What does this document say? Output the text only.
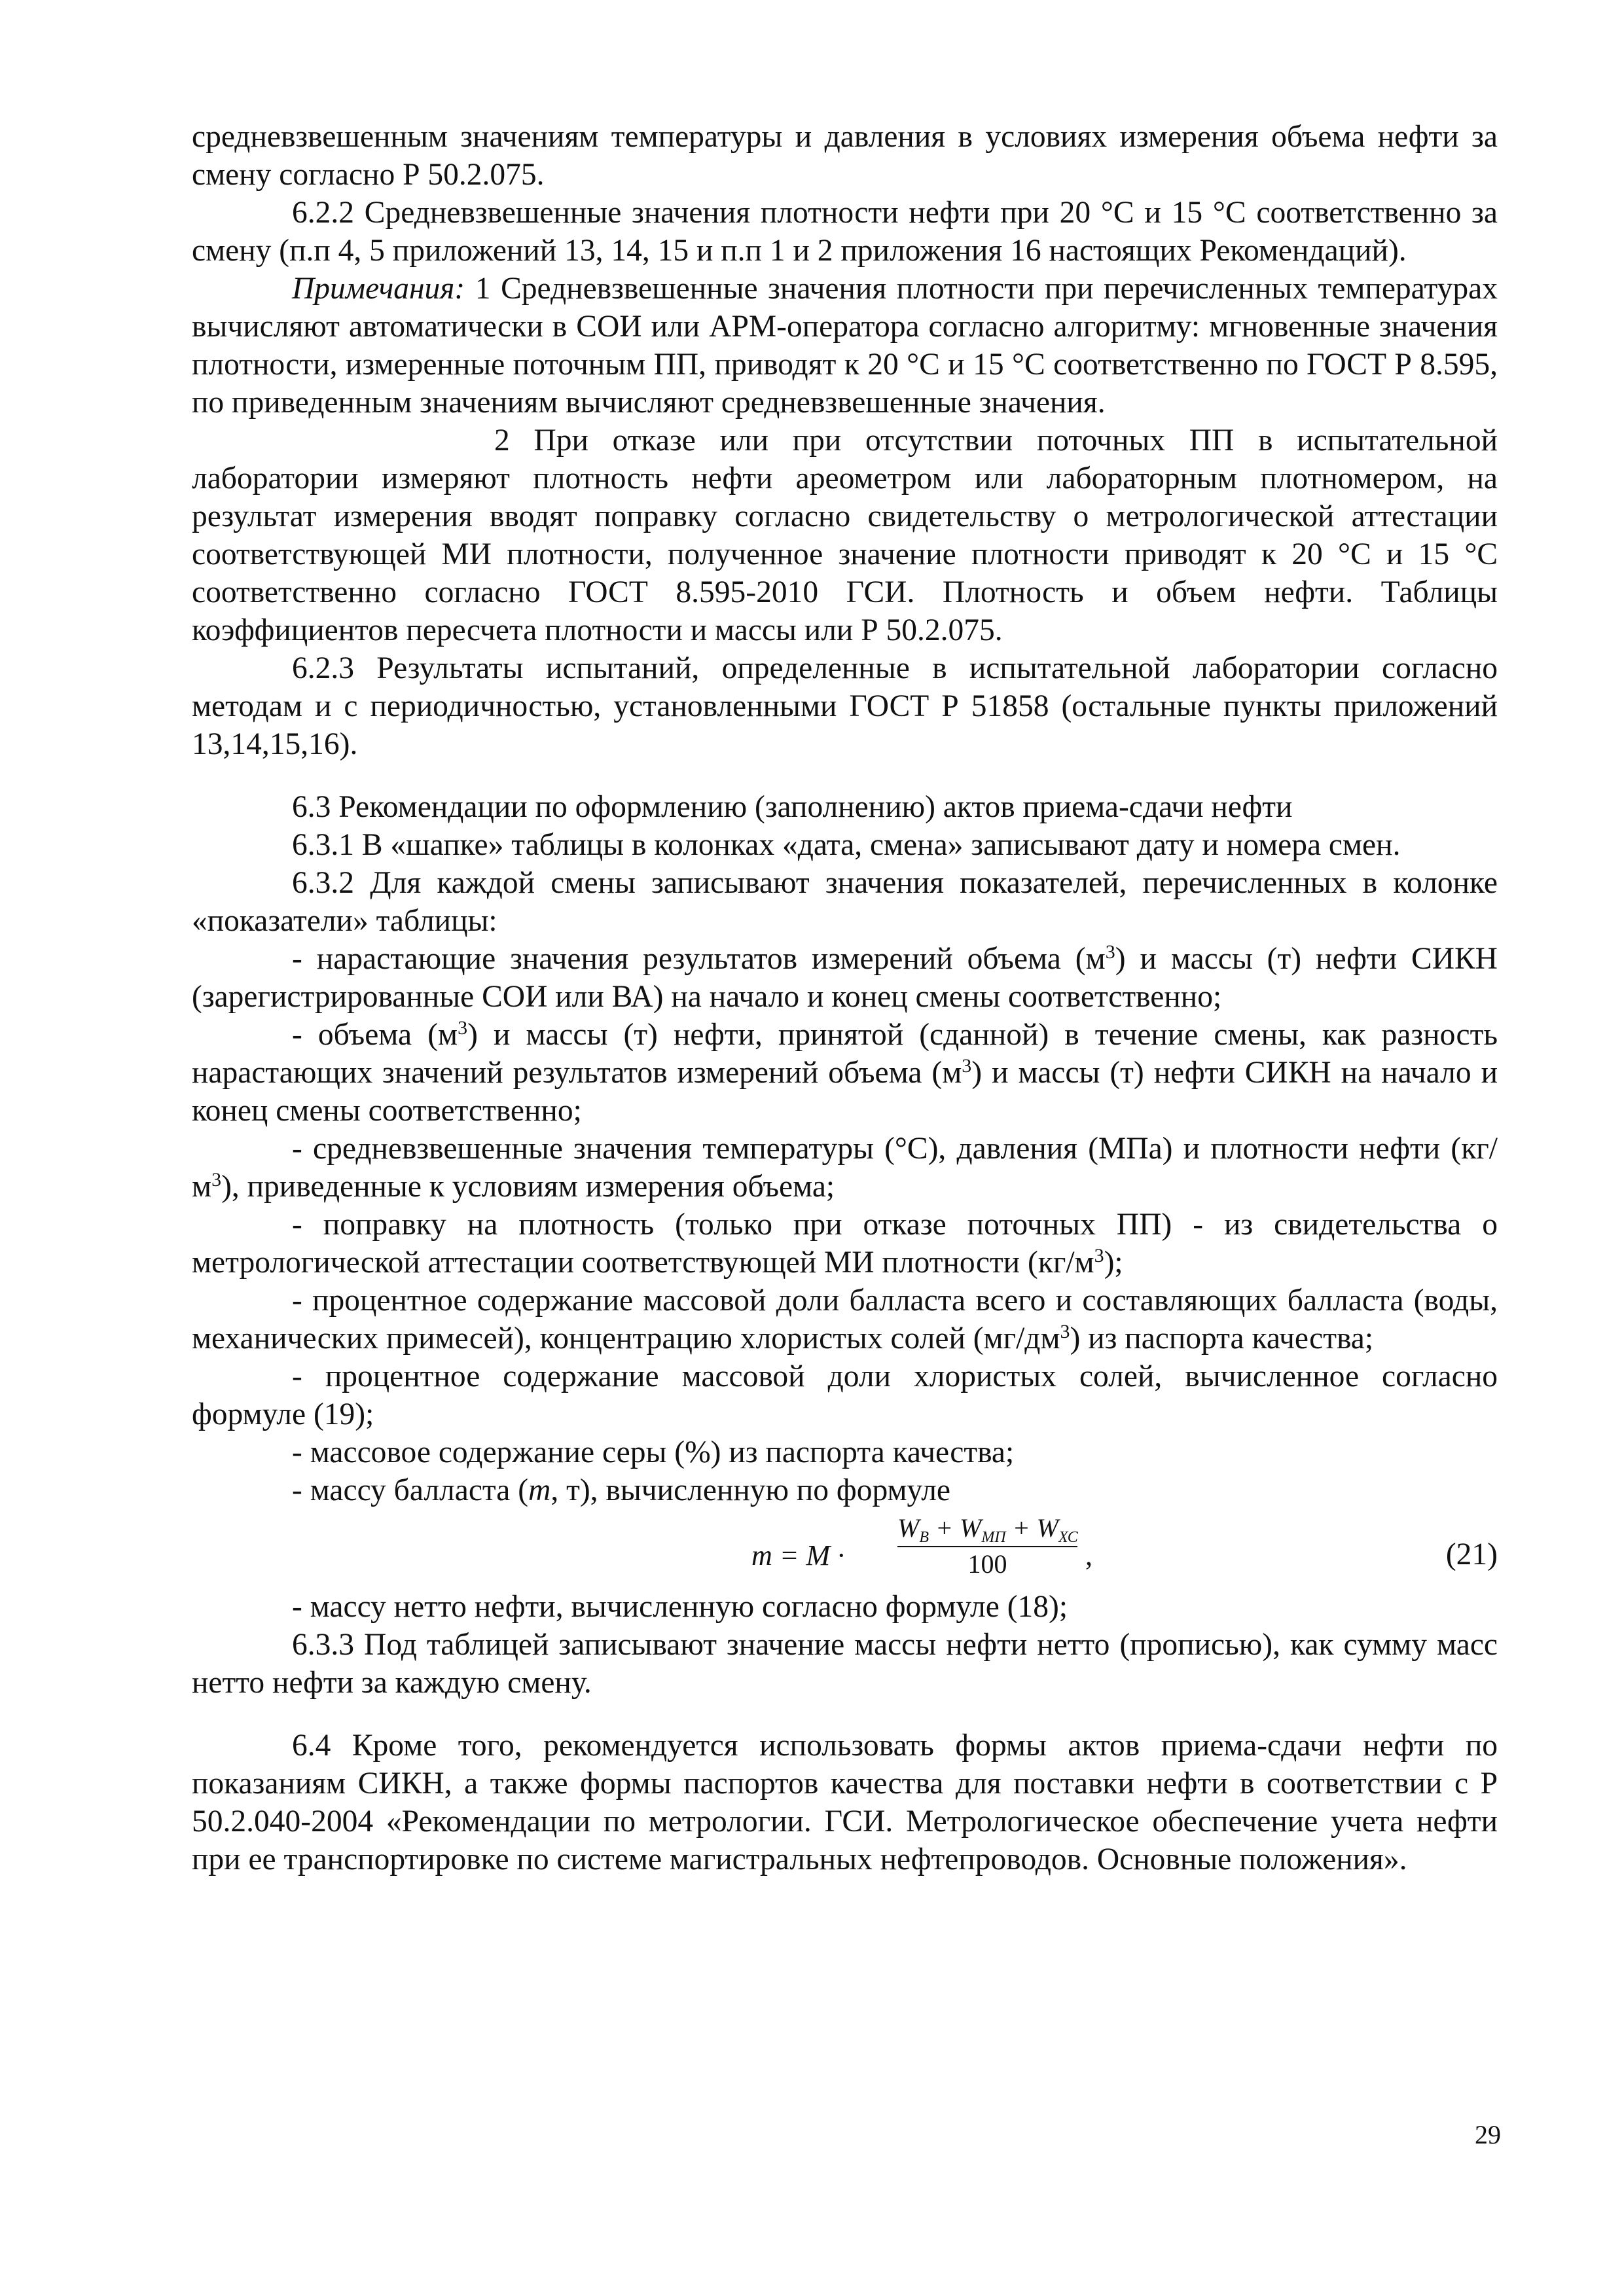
средневзвешенным значениям температуры и давления в условиях измерения объема нефти за смену согласно Р 50.2.075.

6.2.2 Средневзвешенные значения плотности нефти при 20 °С и 15 °С соответственно за смену (п.п 4, 5 приложений 13, 14, 15 и п.п 1 и 2 приложения 16 настоящих Рекомендаций).

Примечания: 1 Средневзвешенные значения плотности при перечисленных температурах вычисляют автоматически в СОИ или АРМ-оператора согласно алгоритму: мгновенные значения плотности, измеренные поточным ПП, приводят к 20 °С и 15 °С соответственно по ГОСТ Р 8.595, по приведенным значениям вычисляют средневзвешенные значения.

2 При отказе или при отсутствии поточных ПП в испытательной лаборатории измеряют плотность нефти ареометром или лабораторным плотномером, на результат измерения вводят поправку согласно свидетельству о метрологической аттестации соответствующей МИ плотности, полученное значение плотности приводят к 20 °С и 15 °С соответственно согласно ГОСТ 8.595-2010 ГСИ. Плотность и объем нефти. Таблицы коэффициентов пересчета плотности и массы или Р 50.2.075.

6.2.3 Результаты испытаний, определенные в испытательной лаборатории согласно методам и с периодичностью, установленными ГОСТ Р 51858 (остальные пункты приложений 13,14,15,16).

6.3 Рекомендации по оформлению (заполнению) актов приема-сдачи нефти

6.3.1 В «шапке» таблицы в колонках «дата, смена» записывают дату и номера смен.

6.3.2 Для каждой смены записывают значения показателей, перечисленных в колонке «показатели» таблицы:

- нарастающие значения результатов измерений объема $(м^3)$ и массы (т) нефти СИКН (зарегистрированные СОИ или ВА) на начало и конец смены соответственно;

- объема $(м^3)$ и массы (т) нефти, принятой (сданной) в течение смены, как разность нарастающих значений результатов измерений объема $(м^3)$ и массы (т) нефти СИКН на начало и конец смены соответственно;

- средневзвешенные значения температуры (°С), давления (МПа) и плотности нефти $(кг/м^3)$, приведенные к условиям измерения объема;

- поправку на плотность (только при отказе поточных ПП) - из свидетельства о метрологической аттестации соответствующей МИ плотности $(кг/м^3)$;

- процентное содержание массовой доли балласта всего и составляющих балласта (воды, механических примесей), концентрацию хлористых солей $(мг/дм^3)$ из паспорта качества;

- процентное содержание массовой доли хлористых солей, вычисленное согласно формуле (19);

- массовое содержание серы (%) из паспорта качества;

- массу балласта (m, т), вычисленную по формуле

m = M ·
$W_B + W_{МП} + W_{ХС}$
100	,	(21)

- массу нетто нефти, вычисленную согласно формуле (18);

6.3.3 Под таблицей записывают значение массы нефти нетто (прописью), как сумму масс нетто нефти за каждую смену.

6.4 Кроме того, рекомендуется использовать формы актов приема-сдачи нефти по показаниям СИКН, а также формы паспортов качества для поставки нефти в соответствии с Р 50.2.040-2004 «Рекомендации по метрологии. ГСИ. Метрологическое обеспечение учета нефти при ее транспортировке по системе магистральных нефтепроводов. Основные положения».

29
